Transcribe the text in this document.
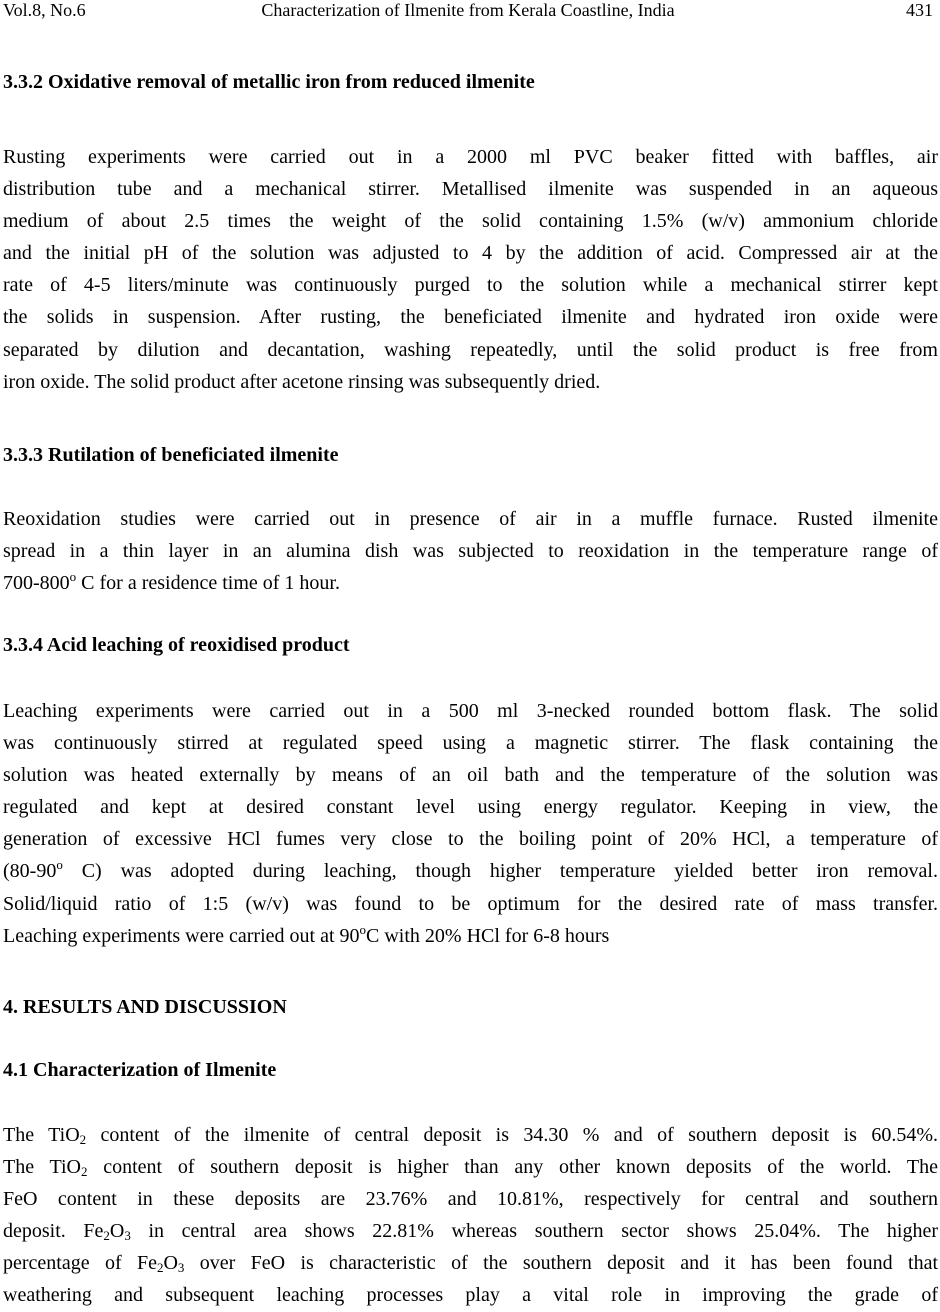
Vol.8, No.6	Characterization of Ilmenite from Kerala Coastline, India	431
3.3.2 Oxidative removal of metallic iron from reduced ilmenite
Rusting experiments were carried out in a 2000 ml PVC beaker fitted with baffles, air
distribution tube and a mechanical stirrer. Metallised ilmenite was suspended in an aqueous
medium of about 2.5 times the weight of the solid containing 1.5% (w/v) ammonium chloride
and the initial pH of the solution was adjusted to 4 by the addition of acid. Compressed air at the
rate of 4-5 liters/minute was continuously purged to the solution while a mechanical stirrer kept
the solids in suspension. After rusting, the beneficiated ilmenite and hydrated iron oxide were
separated by dilution and decantation, washing repeatedly, until the solid product is free from
iron oxide. The solid product after acetone rinsing was subsequently dried.
3.3.3 Rutilation of beneficiated ilmenite
Reoxidation studies were carried out in presence of air in a muffle furnace. Rusted ilmenite
spread in a thin layer in an alumina dish was subjected to reoxidation in the temperature range of
700-800$^o$ C for a residence time of 1 hour.
3.3.4 Acid leaching of reoxidised product
Leaching experiments were carried out in a 500 ml 3-necked rounded bottom flask. The solid
was continuously stirred at regulated speed using a magnetic stirrer. The flask containing the
solution was heated externally by means of an oil bath and the temperature of the solution was
regulated and kept at desired constant level using energy regulator. Keeping in view, the
generation of excessive HCl fumes very close to the boiling point of 20% HCl, a temperature of
(80-90$^o$ C) was adopted during leaching, though higher temperature yielded better iron removal.
Solid/liquid ratio of 1:5 (w/v) was found to be optimum for the desired rate of mass transfer.
Leaching experiments were carried out at 90$^o$C with 20% HCl for 6-8 hours
4. RESULTS AND DISCUSSION
4.1 Characterization of Ilmenite
The TiO$_2$ content of the ilmenite of central deposit is 34.30 % and of southern deposit is 60.54%.
The TiO$_2$ content of southern deposit is higher than any other known deposits of the world. The
FeO content in these deposits are 23.76% and 10.81%, respectively for central and southern
deposit. $Fe_2O_3$ in central area shows 22.81% whereas southern sector shows 25.04%. The higher
percentage of $Fe_2O_3$ over FeO is characteristic of the southern deposit and it has been found that
weathering and subsequent leaching processes play a vital role in improving the grade of
